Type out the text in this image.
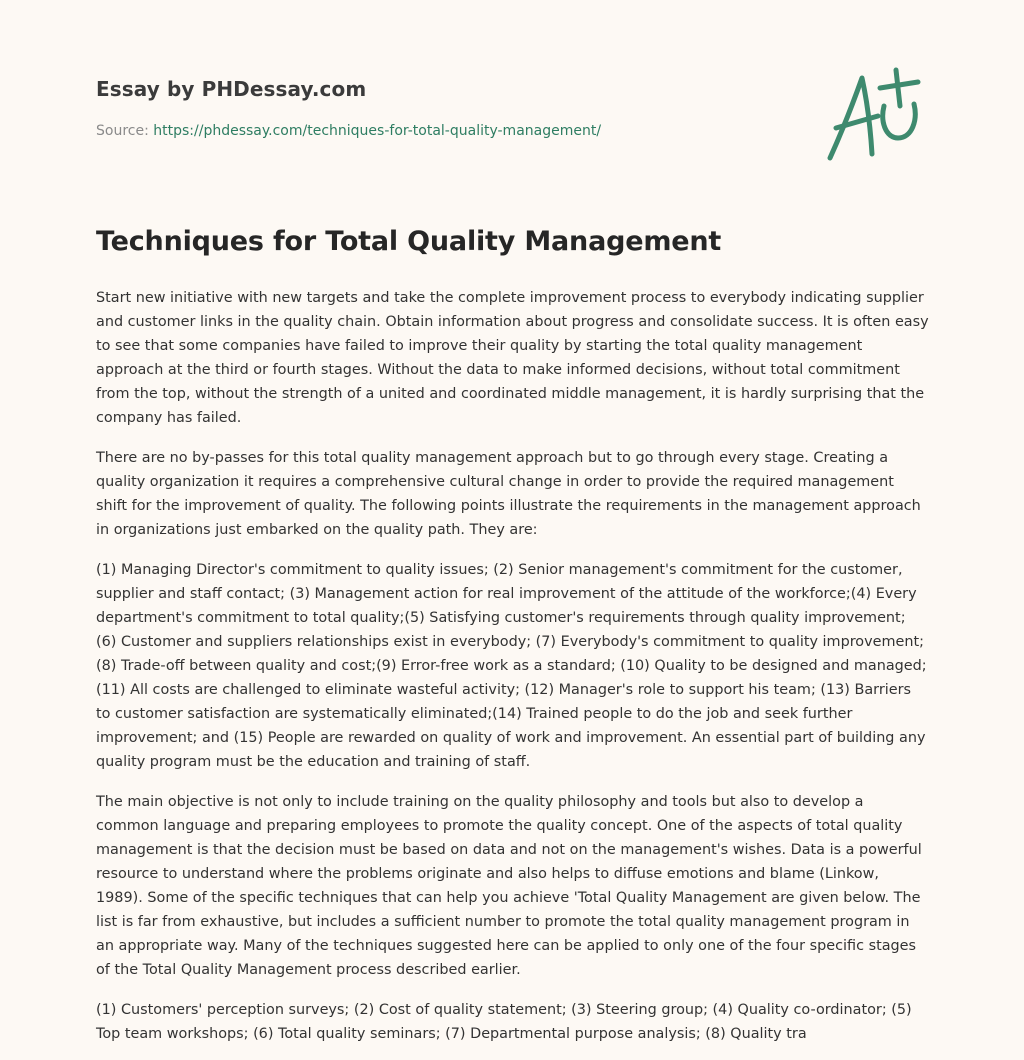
Essay by PHDessay.com
Source: https://phdessay.com/techniques-for-total-quality-management/
Techniques for Total Quality Management

Start new initiative with new targets and take the complete improvement process to everybody indicating supplier and customer links in the quality chain. Obtain information about progress and consolidate success. It is often easy to see that some companies have failed to improve their quality by starting the total quality management approach at the third or fourth stages. Without the data to make informed decisions, without total commitment from the top, without the strength of a united and coordinated middle management, it is hardly surprising that the company has failed.

There are no by-passes for this total quality management approach but to go through every stage. Creating a quality organization it requires a comprehensive cultural change in order to provide the required management shift for the improvement of quality. The following points illustrate the requirements in the management approach in organizations just embarked on the quality path. They are:

(1) Managing Director's commitment to quality issues; (2) Senior management's commitment for the customer, supplier and staff contact; (3) Management action for real improvement of the attitude of the workforce;(4) Every department's commitment to total quality;(5) Satisfying customer's requirements through quality improvement; (6) Customer and suppliers relationships exist in everybody; (7) Everybody's commitment to quality improvement; (8) Trade-off between quality and cost;(9) Error-free work as a standard; (10) Quality to be designed and managed; (11) All costs are challenged to eliminate wasteful activity; (12) Manager's role to support his team; (13) Barriers to customer satisfaction are systematically eliminated;(14) Trained people to do the job and seek further improvement; and (15) People are rewarded on quality of work and improvement. An essential part of building any quality program must be the education and training of staff.

The main objective is not only to include training on the quality philosophy and tools but also to develop a common language and preparing employees to promote the quality concept. One of the aspects of total quality management is that the decision must be based on data and not on the management's wishes. Data is a powerful resource to understand where the problems originate and also helps to diffuse emotions and blame (Linkow, 1989). Some of the specific techniques that can help you achieve 'Total Quality Management are given below. The list is far from exhaustive, but includes a sufficient number to promote the total quality management program in an appropriate way. Many of the techniques suggested here can be applied to only one of the four specific stages of the Total Quality Management process described earlier.

(1) Customers' perception surveys; (2) Cost of quality statement; (3) Steering group; (4) Quality co-ordinator; (5) Top team workshops; (6) Total quality seminars; (7) Departmental purpose analysis; (8) Quality tra
